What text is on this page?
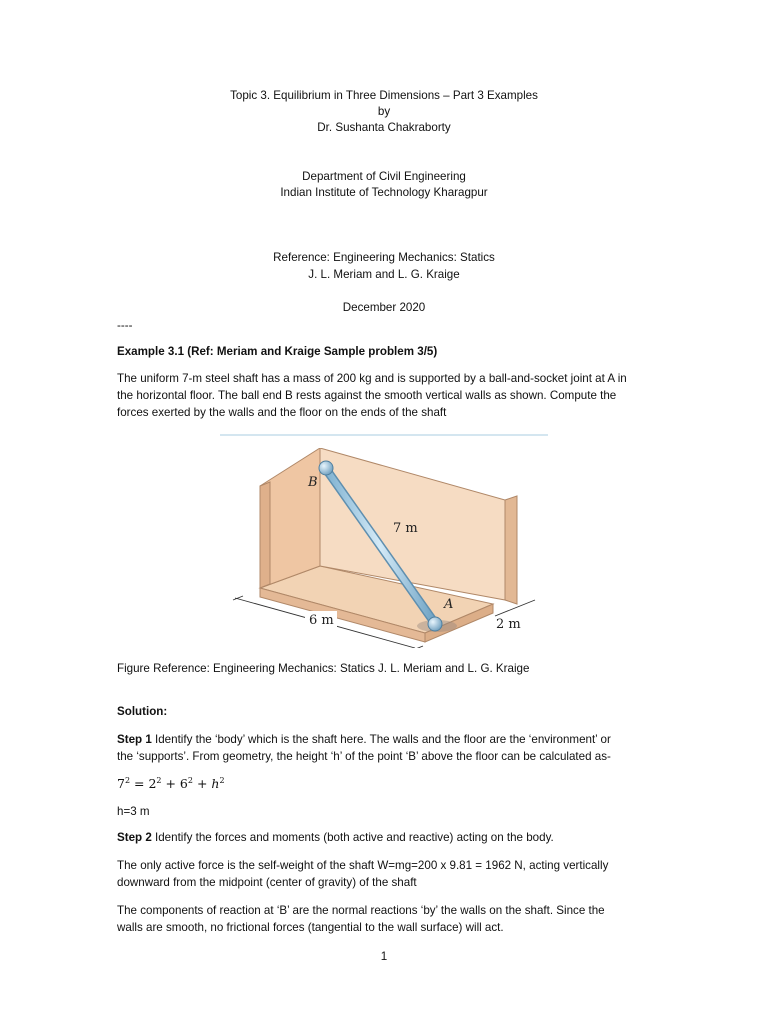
Topic 3. Equilibrium in Three Dimensions – Part 3 Examples
by
Dr. Sushanta Chakraborty
Department of Civil Engineering
Indian Institute of Technology Kharagpur
Reference: Engineering Mechanics: Statics
J. L. Meriam and L. G. Kraige
December 2020
----
Example 3.1 (Ref: Meriam and Kraige Sample problem 3/5)
The uniform 7-m steel shaft has a mass of 200 kg and is supported by a ball-and-socket joint at A in
the horizontal floor. The ball end B rests against the smooth vertical walls as shown. Compute the
forces exerted by the walls and the floor on the ends of the shaft
B
A
7 m
6 m	2 m
Figure Reference: Engineering Mechanics: Statics J. L. Meriam and L. G. Kraige
Solution:
Step 1 Identify the ‘body’ which is the shaft here. The walls and the floor are the ‘environment’ or
the ‘supports’. From geometry, the height ‘h’ of the point ‘B’ above the floor can be calculated as-
$7^2 = 2^2 + 6^2 + h^2$
h=3 m
Step 2 Identify the forces and moments (both active and reactive) acting on the body.
The only active force is the self-weight of the shaft W=mg=200 x 9.81 = 1962 N, acting vertically
downward from the midpoint (center of gravity) of the shaft
The components of reaction at ‘B’ are the normal reactions ‘by’ the walls on the shaft. Since the
walls are smooth, no frictional forces (tangential to the wall surface) will act.
1
